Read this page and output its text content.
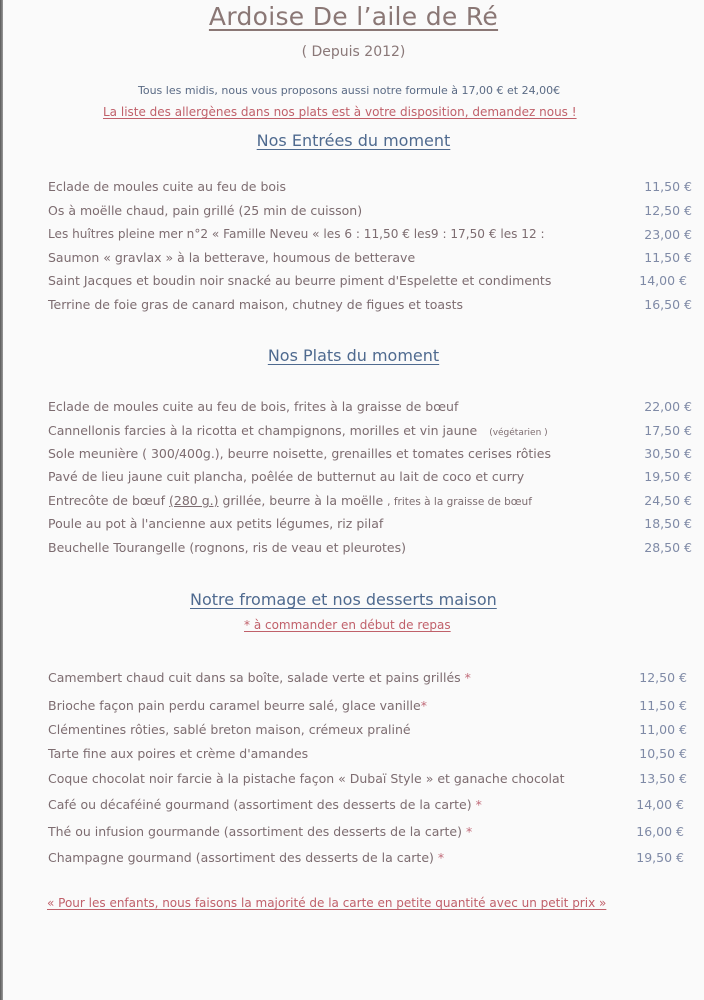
Ardoise De l’aile de Ré
( Depuis 2012)
Tous les midis, nous vous proposons aussi notre formule à 17,00 € et 24,00€
La liste des allergènes dans nos plats est à votre disposition, demandez nous !
Nos Entrées du moment
Eclade de moules cuite au feu de bois	11,50 €
Os à moëlle chaud, pain grillé (25 min de cuisson)	12,50 €
Les huîtres pleine mer n°2 « Famille Neveu « les 6 : 11,50 € les9 : 17,50 € les 12 :	23,00 €
Saumon « gravlax » à la betterave, houmous de betterave	11,50 €
Saint Jacques et boudin noir snacké au beurre piment d'Espelette et condiments	14,00 €
Terrine de foie gras de canard maison, chutney de figues et toasts	16,50 €
Nos Plats du moment
Eclade de moules cuite au feu de bois, frites à la graisse de bœuf	22,00 €
Cannellonis farcies à la ricotta et champignons, morilles et vin jaune (végétarien )	17,50 €
Sole meunière ( 300/400g.), beurre noisette, grenailles et tomates cerises rôties	30,50 €
Pavé de lieu jaune cuit plancha, poêlée de butternut au lait de coco et curry	19,50 €
Entrecôte de bœuf (280 g.) grillée, beurre à la moëlle , frites à la graisse de bœuf	24,50 €
Poule au pot à l'ancienne aux petits légumes, riz pilaf	18,50 €
Beuchelle Tourangelle (rognons, ris de veau et pleurotes)	28,50 €
Notre fromage et nos desserts maison
* à commander en début de repas
Camembert chaud cuit dans sa boîte, salade verte et pains grillés *	12,50 €
Brioche façon pain perdu caramel beurre salé, glace vanille*	11,50 €
Clémentines rôties, sablé breton maison, crémeux praliné	11,00 €
Tarte fine aux poires et crème d'amandes	10,50 €
Coque chocolat noir farcie à la pistache façon « Dubaï Style » et ganache chocolat	13,50 €
Café ou décaféiné gourmand (assortiment des desserts de la carte) *	14,00 €
Thé ou infusion gourmande (assortiment des desserts de la carte) *	16,00 €
Champagne gourmand (assortiment des desserts de la carte) *	19,50 €
« Pour les enfants, nous faisons la majorité de la carte en petite quantité avec un petit prix »
